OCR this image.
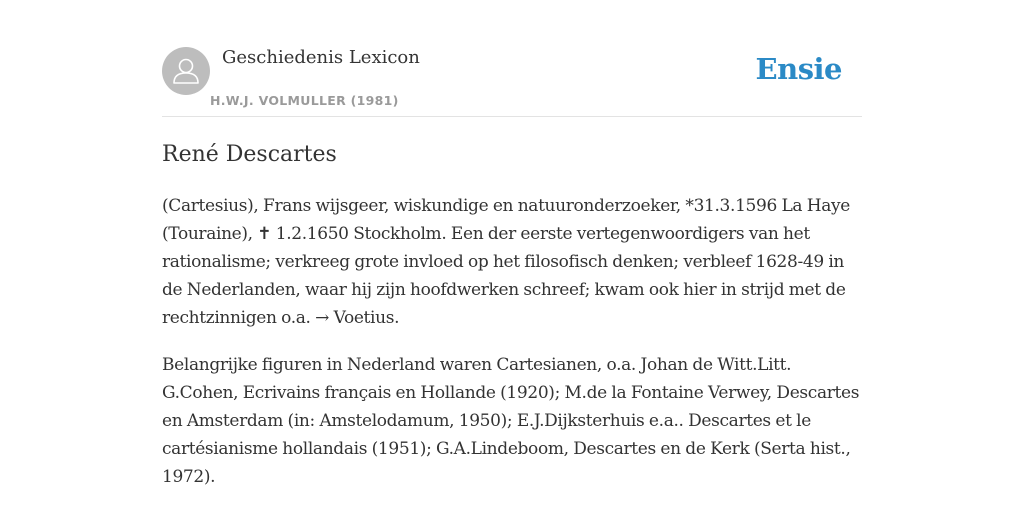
Geschiedenis Lexicon
H.W.J. VOLMULLER (1981)
Ensie
René Descartes

(Cartesius), Frans wijsgeer, wiskundige en natuuronderzoeker, *31.3.1596 La Haye (Touraine), ✝ 1.2.1650 Stockholm. Een der eerste vertegenwoordigers van het rationalisme; verkreeg grote invloed op het filosofisch denken; verbleef 1628-49 in de Nederlanden, waar hij zijn hoofdwerken schreef; kwam ook hier in strijd met de rechtzinnigen o.a. → Voetius.

Belangrijke figuren in Nederland waren Cartesianen, o.a. Johan de Witt.Litt. G.Cohen, Ecrivains français en Hollande (1920); M.de la Fontaine Verwey, Descartes en Amsterdam (in: Amstelodamum, 1950); E.J.Dijksterhuis e.a.. Descartes et le cartésianisme hollandais (1951); G.A.Lindeboom, Descartes en de Kerk (Serta hist., 1972).
